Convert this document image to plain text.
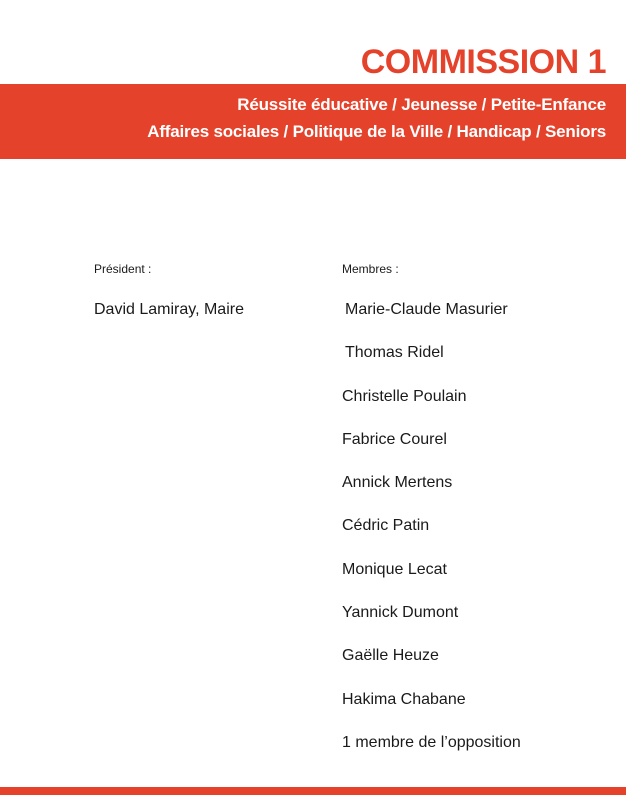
COMMISSION 1
Réussite éducative / Jeunesse / Petite-Enfance
Affaires sociales / Politique de la Ville / Handicap / Seniors
Président :
David Lamiray, Maire
Membres :
Marie-Claude Masurier
Thomas Ridel
Christelle Poulain
Fabrice Courel
Annick Mertens
Cédric Patin
Monique Lecat
Yannick Dumont
Gaëlle Heuze
Hakima Chabane
1 membre de l’opposition
